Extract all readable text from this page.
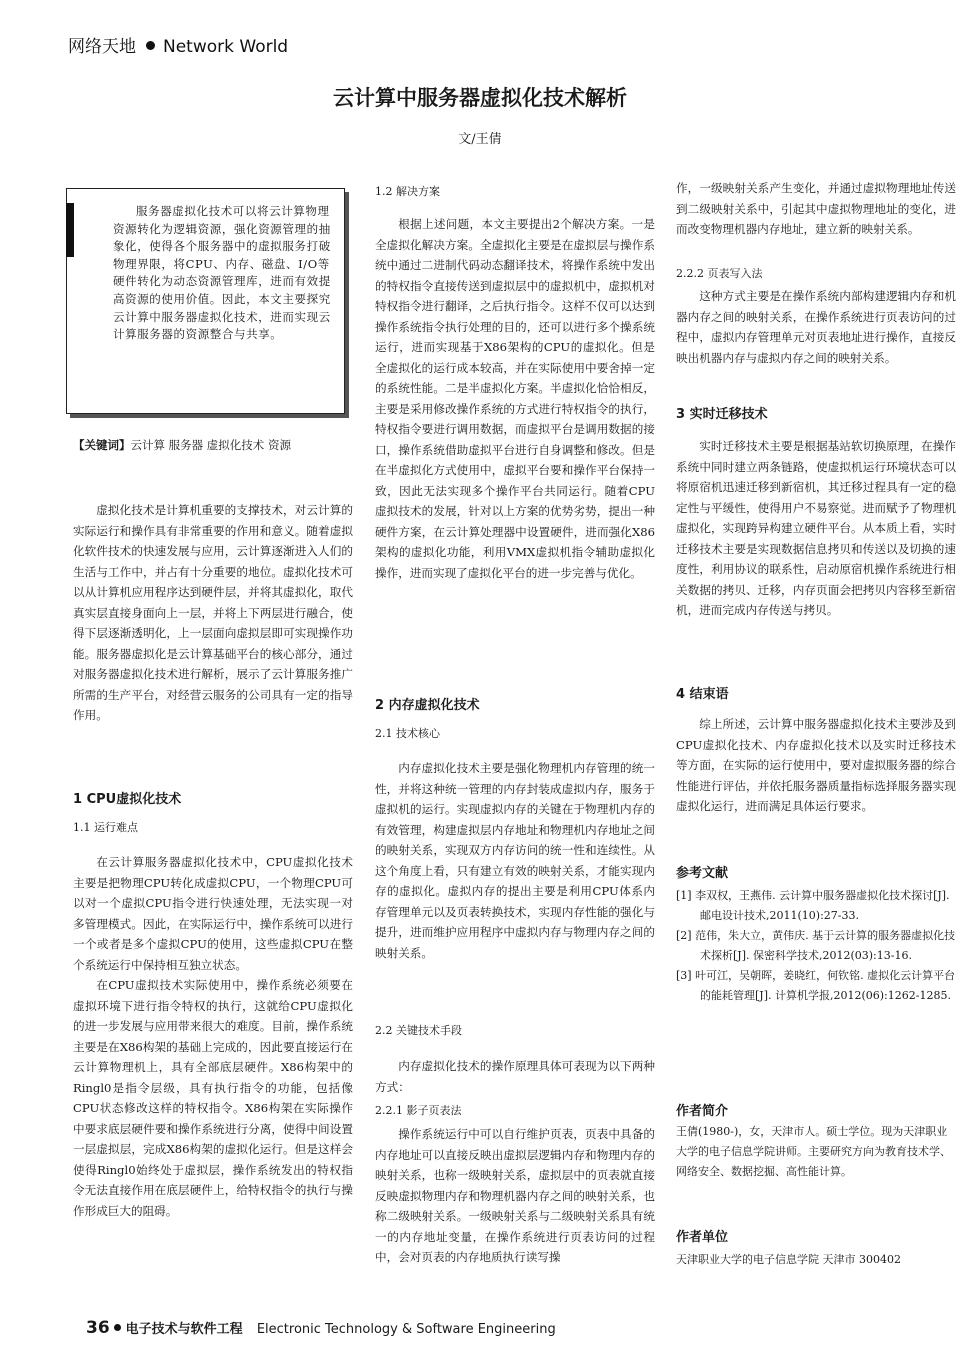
网络天地 Network World
云计算中服务器虚拟化技术解析
文/王倩
服务器虚拟化技术可以将云计算物理资源转化为逻辑资源，强化资源管理的抽象化，使得各个服务器中的虚拟服务打破物理界限，将CPU、内存、磁盘、I/O等硬件转化为动态资源管理库，进而有效提高资源的使用价值。因此，本文主要探究云计算中服务器虚拟化技术，进而实现云计算服务器的资源整合与共享。
【关键词】云计算 服务器 虚拟化技术 资源

虚拟化技术是计算机重要的支撑技术，对云计算的实际运行和操作具有非常重要的作用和意义。随着虚拟化软件技术的快速发展与应用，云计算逐渐进入人们的生活与工作中，并占有十分重要的地位。虚拟化技术可以从计算机应用程序达到硬件层，并将其虚拟化，取代真实层直接身面向上一层，并将上下两层进行融合，使得下层逐渐透明化，上一层面向虚拟层即可实现操作功能。服务器虚拟化是云计算基础平台的核心部分，通过对服务器虚拟化技术进行解析，展示了云计算服务推广所需的生产平台，对经营云服务的公司具有一定的指导作用。

1 CPU虚拟化技术
1.1 运行难点

在云计算服务器虚拟化技术中，CPU虚拟化技术主要是把物理CPU转化成虚拟CPU，一个物理CPU可以对一个虚拟CPU指令进行快速处理，无法实现一对多管理模式。因此，在实际运行中，操作系统可以进行一个或者是多个虚拟CPU的使用，这些虚拟CPU在整个系统运行中保持相互独立状态。

在CPU虚拟技术实际使用中，操作系统必须要在虚拟环境下进行指令特权的执行，这就给CPU虚拟化的进一步发展与应用带来很大的难度。目前，操作系统主要是在X86构架的基础上完成的，因此要直接运行在云计算物理机上，具有全部底层硬件。X86构架中的Ringl0是指令层级，具有执行指令的功能，包括像CPU状态修改这样的特权指令。X86构架在实际操作中要求底层硬件要和操作系统进行分离，使得中间设置一层虚拟层，完成X86构架的虚拟化运行。但是这样会使得Ringl0始终处于虚拟层，操作系统发出的特权指令无法直接作用在底层硬件上，给特权指令的执行与操作形成巨大的阻碍。

1.2 解决方案

根据上述问题，本文主要提出2个解决方案。一是全虚拟化解决方案。全虚拟化主要是在虚拟层与操作系统中通过二进制代码动态翻译技术，将操作系统中发出的特权指令直接传送到虚拟层中的虚拟机中，虚拟机对特权指令进行翻译，之后执行指令。这样不仅可以达到操作系统指令执行处理的目的，还可以进行多个操系统运行，进而实现基于X86架构的CPU的虚拟化。但是全虚拟化的运行成本较高，并在实际使用中要舍掉一定的系统性能。二是半虚拟化方案。半虚拟化恰恰相反，主要是采用修改操作系统的方式进行特权指令的执行，特权指令要进行调用数据，而虚拟平台是调用数据的接口，操作系统借助虚拟平台进行自身调整和修改。但是在半虚拟化方式使用中，虚拟平台要和操作平台保持一致，因此无法实现多个操作平台共同运行。随着CPU虚拟技术的发展，针对以上方案的优势劣势，提出一种硬件方案，在云计算处理器中设置硬件，进而强化X86架构的虚拟化功能，利用VMX虚拟机指令辅助虚拟化操作，进而实现了虚拟化平台的进一步完善与优化。

2 内存虚拟化技术
2.1 技术核心

内存虚拟化技术主要是强化物理机内存管理的统一性，并将这种统一管理的内存封装成虚拟内存，服务于虚拟机的运行。实现虚拟内存的关键在于物理机内存的有效管理，构建虚拟层内存地址和物理机内存地址之间的映射关系，实现双方内存访问的统一性和连续性。从这个角度上看，只有建立有效的映射关系，才能实现内存的虚拟化。虚拟内存的提出主要是利用CPU体系内存管理单元以及页表转换技术，实现内存性能的强化与提升，进而维护应用程序中虚拟内存与物理内存之间的映射关系。

2.2 关键技术手段

内存虚拟化技术的操作原理具体可表现为以下两种方式：

2.2.1 影子页表法

操作系统运行中可以自行维护页表，页表中具备的内存地址可以直接反映出虚拟层逻辑内存和物理内存的映射关系，也称一级映射关系，虚拟层中的页表就直接反映虚拟物理内存和物理机器内存之间的映射关系，也称二级映射关系。一级映射关系与二级映射关系具有统一的内存地址变量，在操作系统进行页表访问的过程中，会对页表的内存地质执行读写操

作，一级映射关系产生变化，并通过虚拟物理地址传送到二级映射关系中，引起其中虚拟物理地址的变化，进而改变物理机器内存地址，建立新的映射关系。

2.2.2 页表写入法

这种方式主要是在操作系统内部构建逻辑内存和机器内存之间的映射关系，在操作系统进行页表访问的过程中，虚拟内存管理单元对页表地址进行操作，直接反映出机器内存与虚拟内存之间的映射关系。

3 实时迁移技术

实时迁移技术主要是根据基站软切换原理，在操作系统中同时建立两条链路，使虚拟机运行环境状态可以将原宿机迅速迁移到新宿机，其迁移过程具有一定的稳定性与平缓性，使得用户不易察觉。进而赋予了物理机虚拟化，实现跨异构建立硬件平台。从本质上看，实时迁移技术主要是实现数据信息拷贝和传送以及切换的速度性，利用协议的联系性，启动原宿机操作系统进行相关数据的拷贝、迁移，内存页面会把拷贝内容移至新宿机，进而完成内存传送与拷贝。

4 结束语

综上所述，云计算中服务器虚拟化技术主要涉及到CPU虚拟化技术、内存虚拟化技术以及实时迁移技术等方面，在实际的运行使用中，要对虚拟服务器的综合性能进行评估，并依托服务器质量指标选择服务器实现虚拟化运行，进而满足具体运行要求。

参考文献
[1] 李双权，王燕伟. 云计算中服务器虚拟化技术探讨[J]. 邮电设计技术,2011(10):27-33.
[2] 范伟，朱大立，黄伟庆. 基于云计算的服务器虚拟化技术探析[J]. 保密科学技术,2012(03):13-16.
[3] 叶可江，吴朝晖，姜晓红，何钦铭. 虚拟化云计算平台的能耗管理[J]. 计算机学报,2012(06):1262-1285.
作者简介
王倩(1980-)，女，天津市人。硕士学位。现为天津职业大学的电子信息学院讲师。主要研究方向为教育技术学、网络安全、数据挖掘、高性能计算。
作者单位
天津职业大学的电子信息学院 天津市 300402
36 电子技术与软件工程 Electronic Technology & Software Engineering
